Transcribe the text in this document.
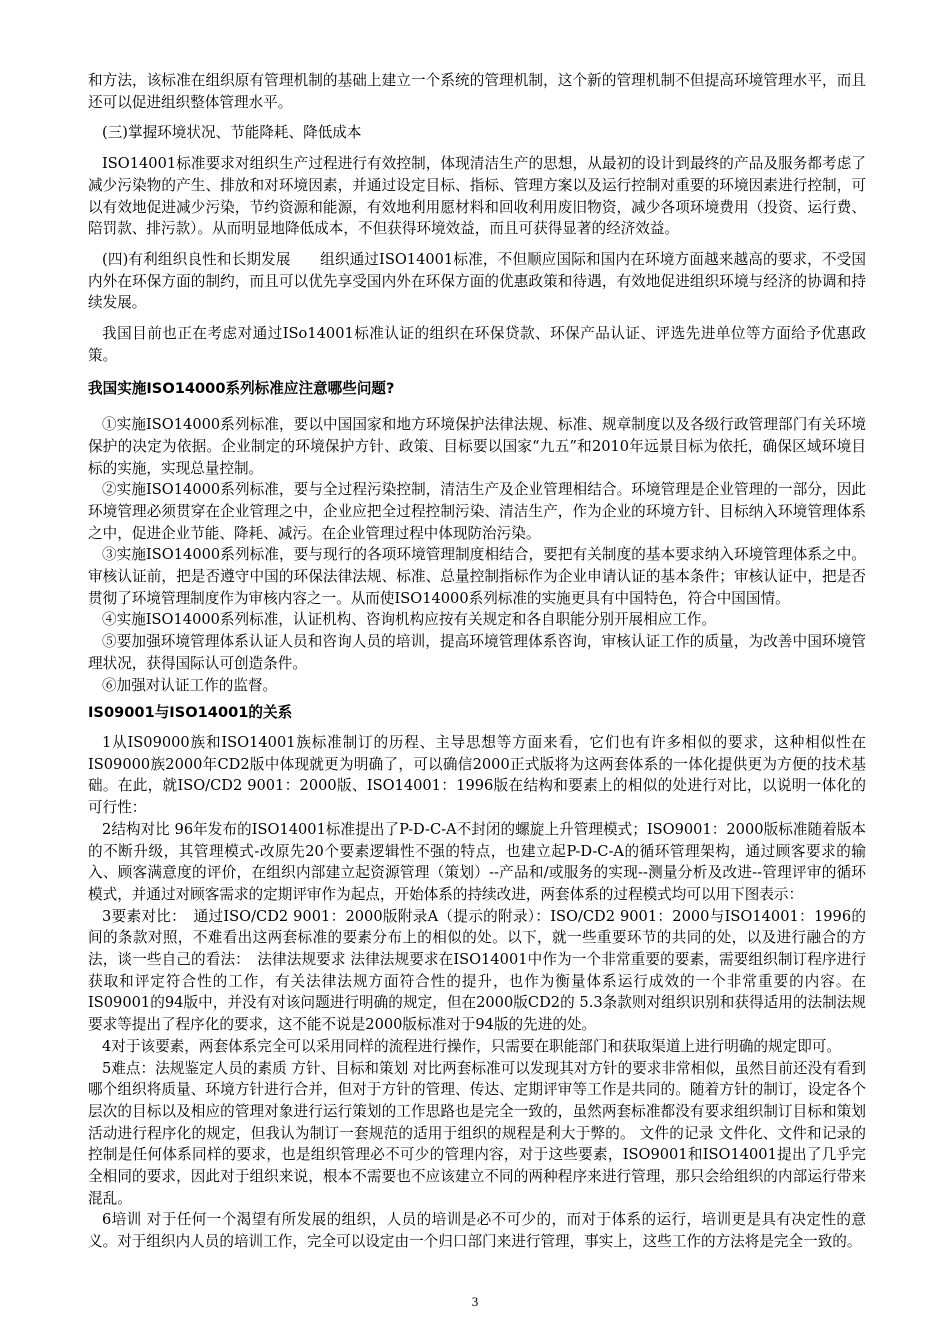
和方法，该标准在组织原有管理机制的基础上建立一个系统的管理机制，这个新的管理机制不但提高环境管理水平，而且还可以促进组织整体管理水平。

(三)掌握环境状况、节能降耗、降低成本

ISO14001标准要求对组织生产过程进行有效控制，体现清洁生产的思想，从最初的设计到最终的产品及服务都考虑了减少污染物的产生、排放和对环境因素，并通过设定目标、指标、管理方案以及运行控制对重要的环境因素进行控制，可以有效地促进减少污染，节约资源和能源，有效地利用愿材料和回收利用废旧物资，减少各项环境费用（投资、运行费、陪罚款、排污款）。从而明显地降低成本，不但获得环境效益，而且可获得显著的经济效益。

(四)有利组织良性和长期发展　　组织通过ISO14001标准，不但顺应国际和国内在环境方面越来越高的要求，不受国内外在环保方面的制约，而且可以优先享受国内外在环保方面的优惠政策和待遇，有效地促进组织环境与经济的协调和持续发展。

我国目前也正在考虑对通过ISo14001标准认证的组织在环保贷款、环保产品认证、评选先进单位等方面给予优惠政策。

我国实施ISO14000系列标准应注意哪些问题?

①实施ISO14000系列标准，要以中国国家和地方环境保护法律法规、标准、规章制度以及各级行政管理部门有关环境保护的决定为依据。企业制定的环境保护方针、政策、目标要以国家“九五”和2010年远景目标为依托，确保区域环境目标的实施，实现总量控制。

②实施ISO14000系列标准，要与全过程污染控制，清洁生产及企业管理相结合。环境管理是企业管理的一部分，因此环境管理必须贯穿在企业管理之中，企业应把全过程控制污染、清洁生产，作为企业的环境方针、目标纳入环境管理体系之中，促进企业节能、降耗、减污。在企业管理过程中体现防治污染。

③实施ISO14000系列标准，要与现行的各项环境管理制度相结合，要把有关制度的基本要求纳入环境管理体系之中。审核认证前，把是否遵守中国的环保法律法规、标准、总量控制指标作为企业申请认证的基本条件；审核认证中，把是否贯彻了环境管理制度作为审核内容之一。从而使ISO14000系列标准的实施更具有中国特色，符合中国国情。

④实施ISO14000系列标准，认证机构、咨询机构应按有关规定和各自职能分别开展相应工作。

⑤要加强环境管理体系认证人员和咨询人员的培训，提高环境管理体系咨询，审核认证工作的质量，为改善中国环境管理状况，获得国际认可创造条件。

⑥加强对认证工作的监督。

IS09001与ISO14001的关系

1从IS09000族和ISO14001族标准制订的历程、主导思想等方面来看，它们也有许多相似的要求，这种相似性在IS09000族2000年CD2版中体现就更为明确了，可以确信2000正式版将为这两套体系的一体化提供更为方便的技术基础。在此，就ISO/CD2 9001：2000版、ISO14001：1996版在结构和要素上的相似的处进行对比，以说明一体化的可行性：

2结构对比 96年发布的ISO14001标准提出了P-D-C-A不封闭的螺旋上升管理模式；ISO9001：2000版标准随着版本的不断升级，其管理模式-改原先20个要素逻辑性不强的特点，也建立起P-D-C-A的循环管理架构，通过顾客要求的输入、顾客满意度的评价，在组织内部建立起资源管理（策划）--产品和/或服务的实现--测量分析及改进--管理评审的循环模式，并通过对顾客需求的定期评审作为起点，开始体系的持续改进，两套体系的过程模式均可以用下图表示：

3要素对比：　通过ISO/CD2 9001：2000版附录A（提示的附录）：ISO/CD2 9001：2000与ISO14001：1996的间的条款对照，不难看出这两套标准的要素分布上的相似的处。以下，就一些重要环节的共同的处，以及进行融合的方法，谈一些自己的看法：　法律法规要求 法律法规要求在ISO14001中作为一个非常重要的要素，需要组织制订程序进行获取和评定符合性的工作，有关法律法规方面符合性的提升，也作为衡量体系运行成效的一个非常重要的内容。在IS09001的94版中，并没有对该问题进行明确的规定，但在2000版CD2的 5.3条款则对组织识别和获得适用的法制法规要求等提出了程序化的要求，这不能不说是2000版标准对于94版的先进的处。

4对于该要素，两套体系完全可以采用同样的流程进行操作，只需要在职能部门和获取渠道上进行明确的规定即可。

5难点：法规鉴定人员的素质 方针、目标和策划 对比两套标准可以发现其对方针的要求非常相似，虽然目前还没有看到哪个组织将质量、环境方针进行合并，但对于方针的管理、传达、定期评审等工作是共同的。随着方针的制订，设定各个层次的目标以及相应的管理对象进行运行策划的工作思路也是完全一致的，虽然两套标准都没有要求组织制订目标和策划活动进行程序化的规定，但我认为制订一套规范的适用于组织的规程是利大于弊的。 文件的记录 文件化、文件和记录的控制是任何体系同样的要求，也是组织管理必不可少的管理内容，对于这些要素，ISO9001和ISO14001提出了几乎完全相同的要求，因此对于组织来说，根本不需要也不应该建立不同的两种程序来进行管理，那只会给组织的内部运行带来混乱。

6培训 对于任何一个渴望有所发展的组织，人员的培训是必不可少的，而对于体系的运行，培训更是具有决定性的意义。对于组织内人员的培训工作，完全可以设定由一个归口部门来进行管理，事实上，这些工作的方法将是完全一致的。

3
